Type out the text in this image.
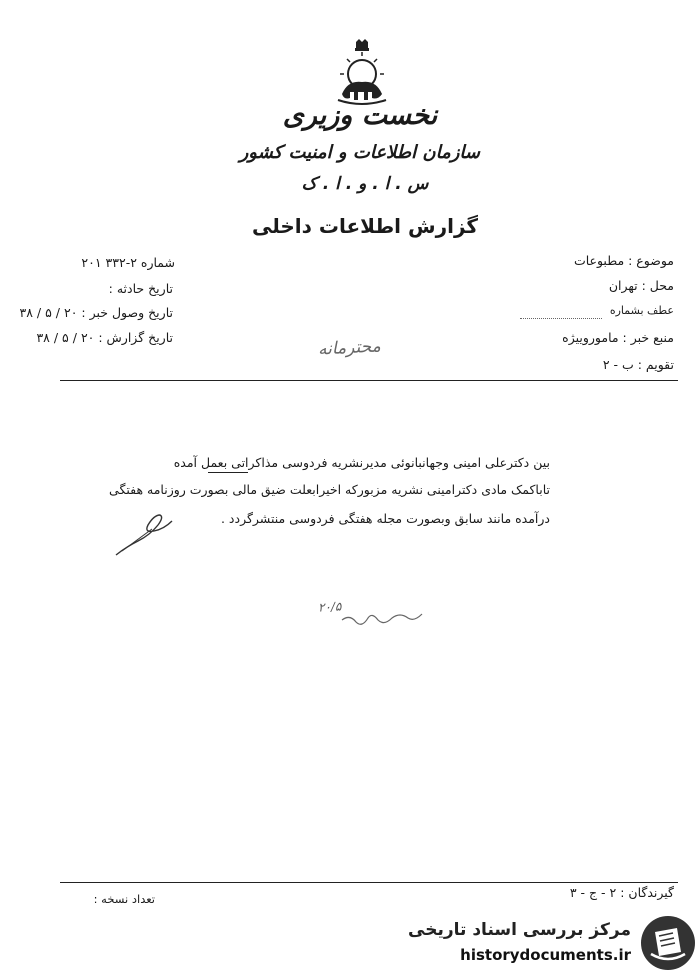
نخست وزیری
سازمان اطلاعات و امنیت کشور
س . ا . و . ا . ک
گزارش اطلاعات داخلی
شماره ۲-۳۳۲ ۲۰۱
تاریخ حادثه :
تاریخ وصول خبر : ۲۰ / ۵ / ۳۸
تاریخ گزارش : ۲۰ / ۵ / ۳۸
موضوع : مطبوعات
محل : تهران
عطف بشماره
منبع خبر : ماموروییژه
تقویم : ب - ۲
محترمانه
بین دکترعلی امینی وجهانبانوئی مدیرنشریه فردوسی مذاکراتی بعمل آمده
تاباکمک مادی دکترامینی نشریه مزبورکه اخیرابعلت ضیق مالی بصورت روزنامه هفتگی
درآمده مانند سابق وبصورت مجله هفتگی فردوسی منتشرگردد .
۲۰/۵
گیرندگان : ۲ - ج - ۳
تعداد نسخه :
مرکز بررسی اسناد تاریخی
historydocuments.ir
